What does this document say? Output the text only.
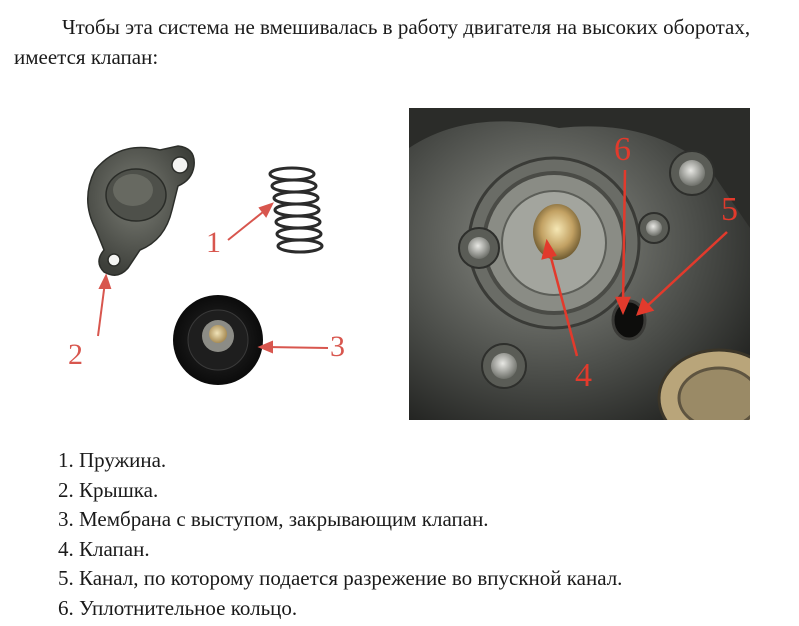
Чтобы эта система не вмешивалась в работу двигателя на высоких оборотах, имеется клапан:

1
2	3
6
5
4
1. Пружина.
2. Крышка.
3. Мембрана с выступом, закрывающим клапан.
4. Клапан.
5. Канал, по которому подается разрежение во впускной канал.
6. Уплотнительное кольцо.
